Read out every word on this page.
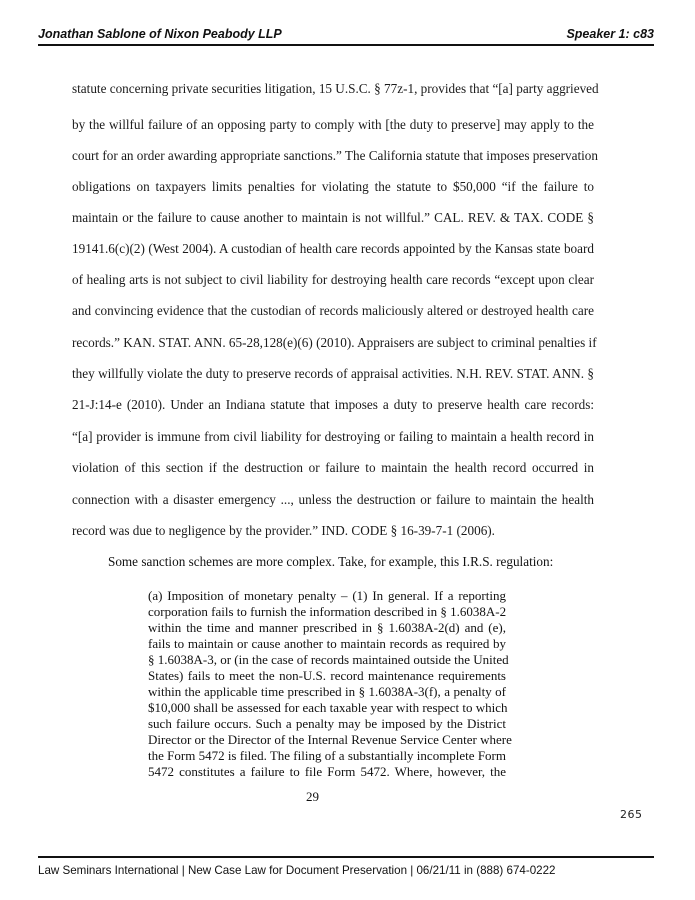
Jonathan Sablone of Nixon Peabody LLP	Speaker 1: c83
statute concerning private securities litigation, 15 U.S.C. § 77z-1, provides that “[a] party aggrieved
by the willful failure of an opposing party to comply with [the duty to preserve] may apply to the
court for an order awarding appropriate sanctions.” The California statute that imposes preservation
obligations on taxpayers limits penalties for violating the statute to $50,000 “if the failure to
maintain or the failure to cause another to maintain is not willful.” CAL. REV. & TAX. CODE §
19141.6(c)(2) (West 2004). A custodian of health care records appointed by the Kansas state board
of healing arts is not subject to civil liability for destroying health care records “except upon clear
and convincing evidence that the custodian of records maliciously altered or destroyed health care
records.” KAN. STAT. ANN. 65-28,128(e)(6) (2010). Appraisers are subject to criminal penalties if
they willfully violate the duty to preserve records of appraisal activities. N.H. REV. STAT. ANN. §
21-J:14-e (2010). Under an Indiana statute that imposes a duty to preserve health care records:
“[a] provider is immune from civil liability for destroying or failing to maintain a health record in
violation of this section if the destruction or failure to maintain the health record occurred in
connection with a disaster emergency ..., unless the destruction or failure to maintain the health
record was due to negligence by the provider.” IND. CODE § 16-39-7-1 (2006).
Some sanction schemes are more complex. Take, for example, this I.R.S. regulation:
(a) Imposition of monetary penalty – (1) In general. If a reporting
corporation fails to furnish the information described in § 1.6038A-2
within the time and manner prescribed in § 1.6038A-2(d) and (e),
fails to maintain or cause another to maintain records as required by
§ 1.6038A-3, or (in the case of records maintained outside the United
States) fails to meet the non-U.S. record maintenance requirements
within the applicable time prescribed in § 1.6038A-3(f), a penalty of
$10,000 shall be assessed for each taxable year with respect to which
such failure occurs. Such a penalty may be imposed by the District
Director or the Director of the Internal Revenue Service Center where
the Form 5472 is filed. The filing of a substantially incomplete Form
5472 constitutes a failure to file Form 5472. Where, however, the
29
265
Law Seminars International | New Case Law for Document Preservation | 06/21/11 in (888) 674-0222
